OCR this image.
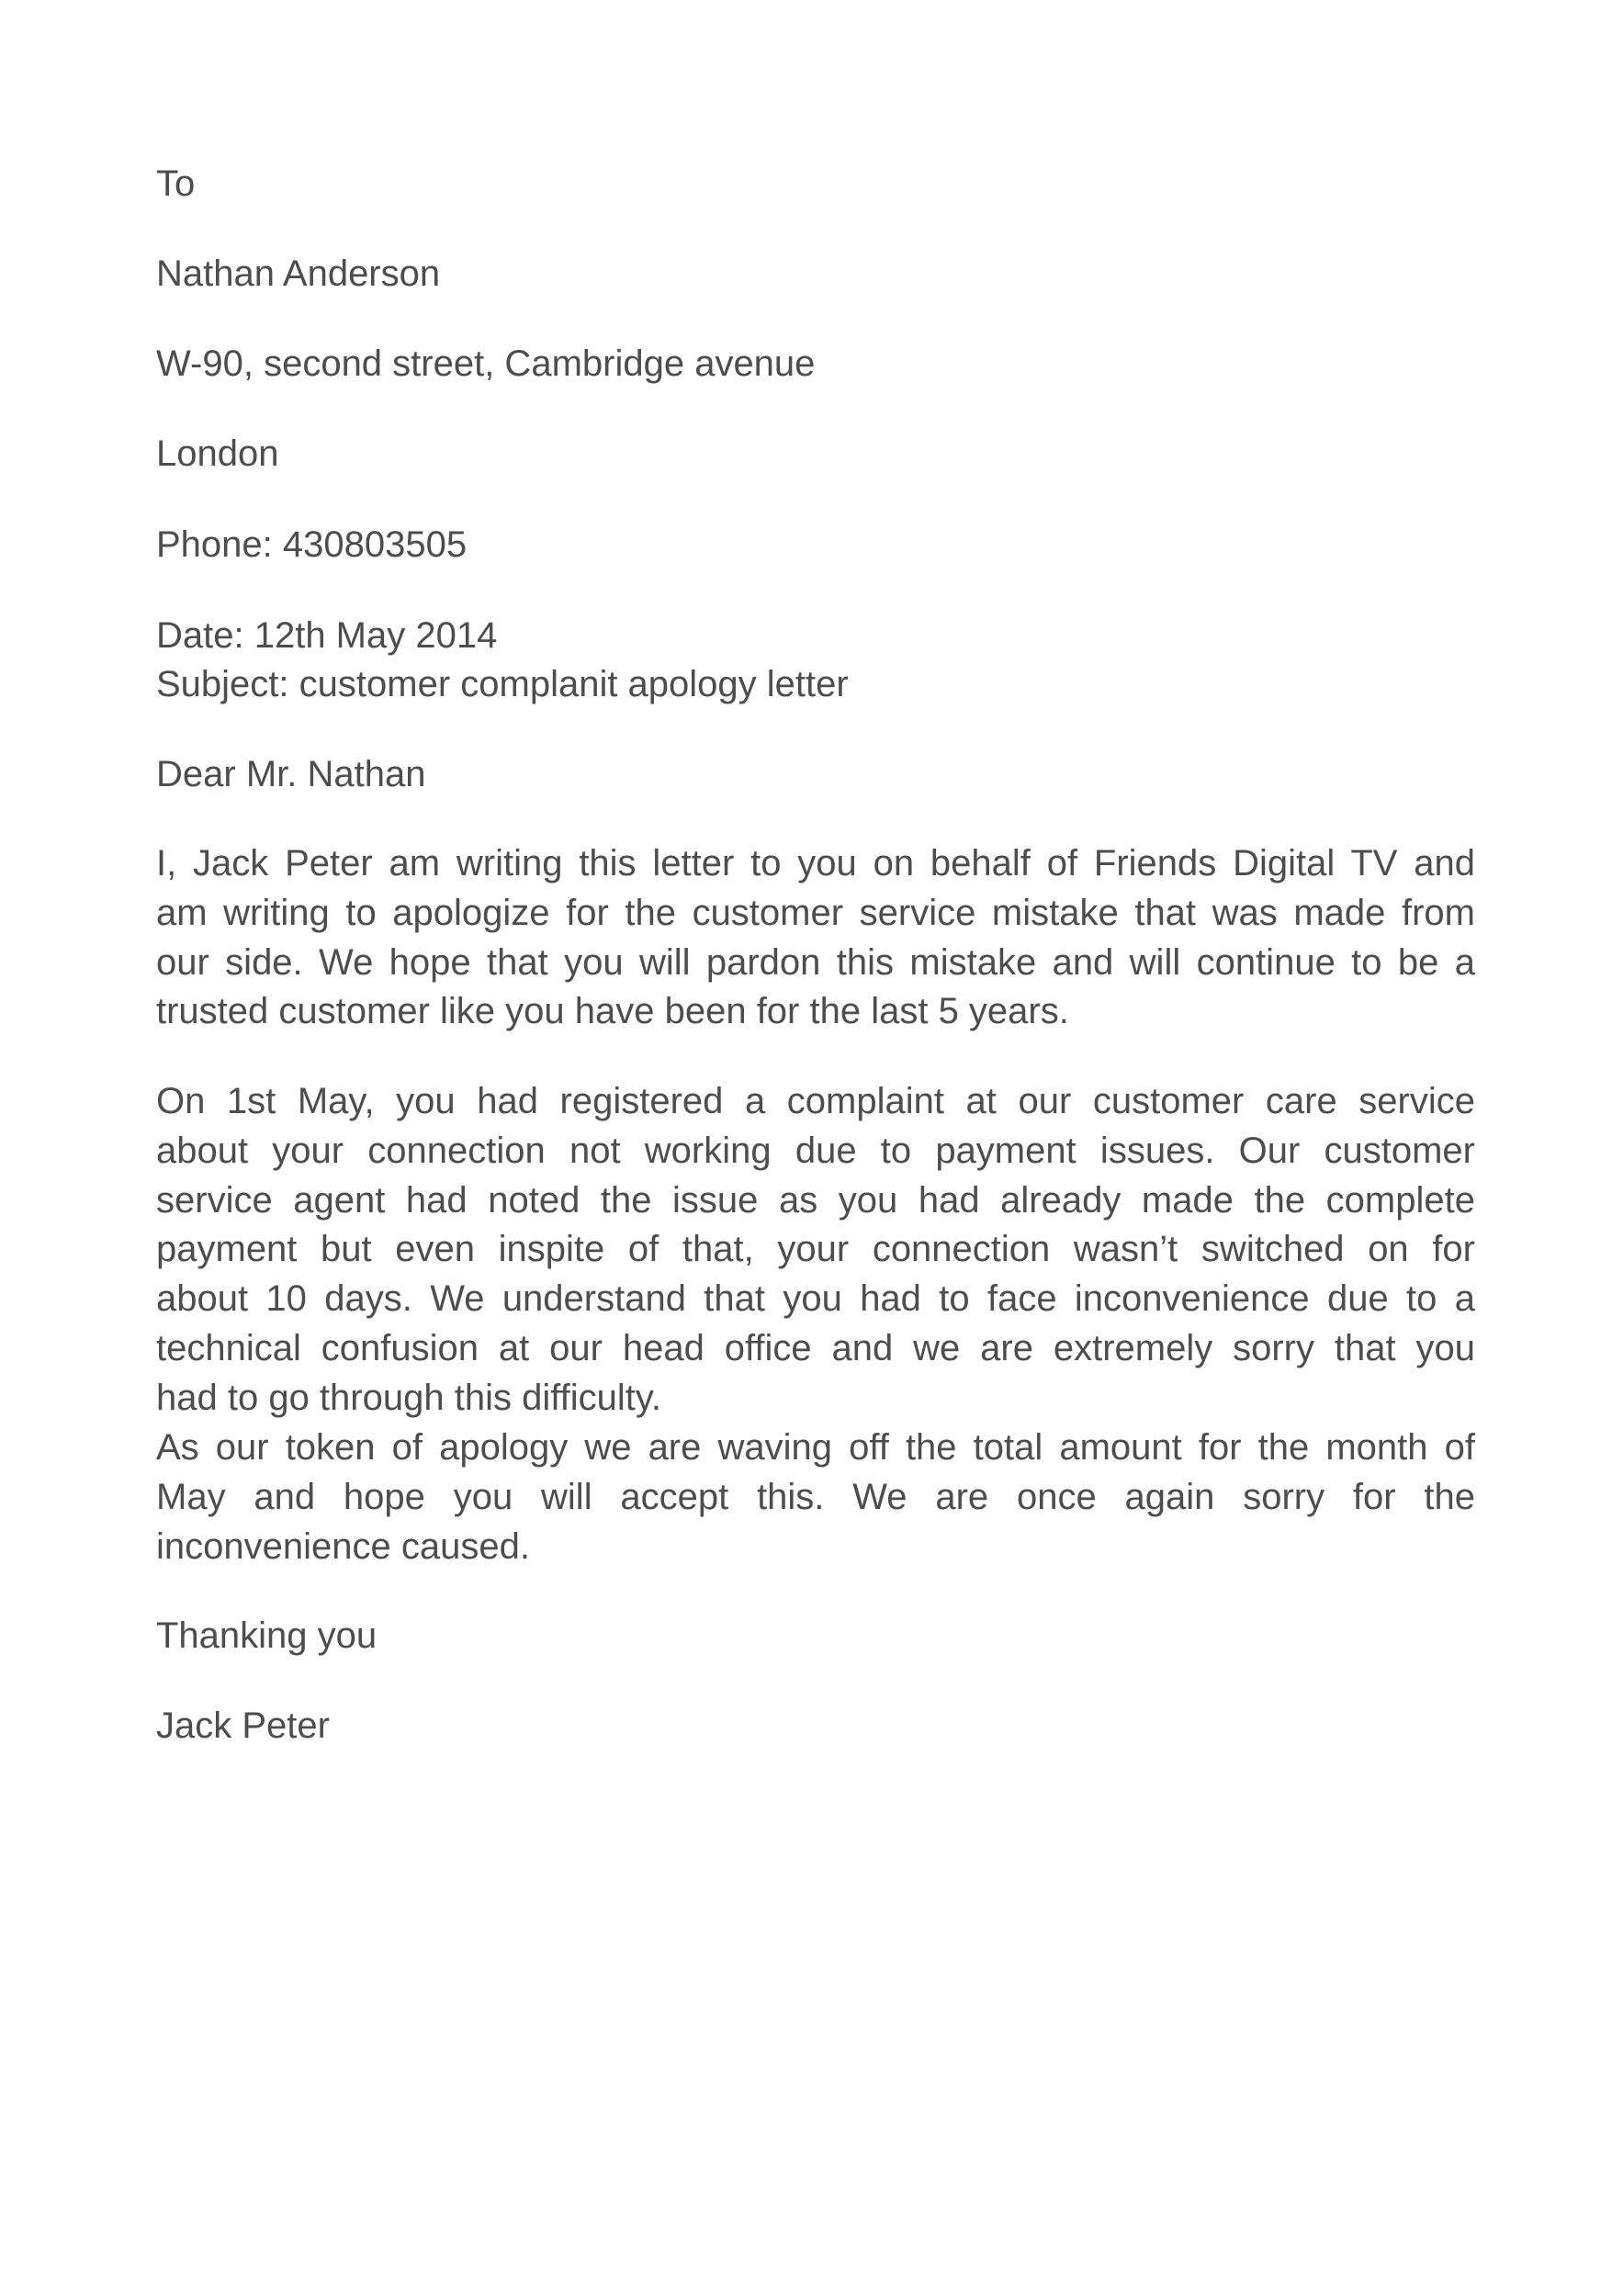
To
Nathan Anderson
W-90, second street, Cambridge avenue
London
Phone: 430803505
Date: 12th May 2014
Subject: customer complanit apology letter
Dear Mr. Nathan
I, Jack Peter am writing this letter to you on behalf of Friends Digital TV and
am writing to apologize for the customer service mistake that was made from
our side. We hope that you will pardon this mistake and will continue to be a
trusted customer like you have been for the last 5 years.
On 1st May, you had registered a complaint at our customer care service
about your connection not working due to payment issues. Our customer
service agent had noted the issue as you had already made the complete
payment but even inspite of that, your connection wasn’t switched on for
about 10 days. We understand that you had to face inconvenience due to a
technical confusion at our head office and we are extremely sorry that you
had to go through this difficulty.
As our token of apology we are waving off the total amount for the month of
May and hope you will accept this. We are once again sorry for the
inconvenience caused.
Thanking you
Jack Peter
